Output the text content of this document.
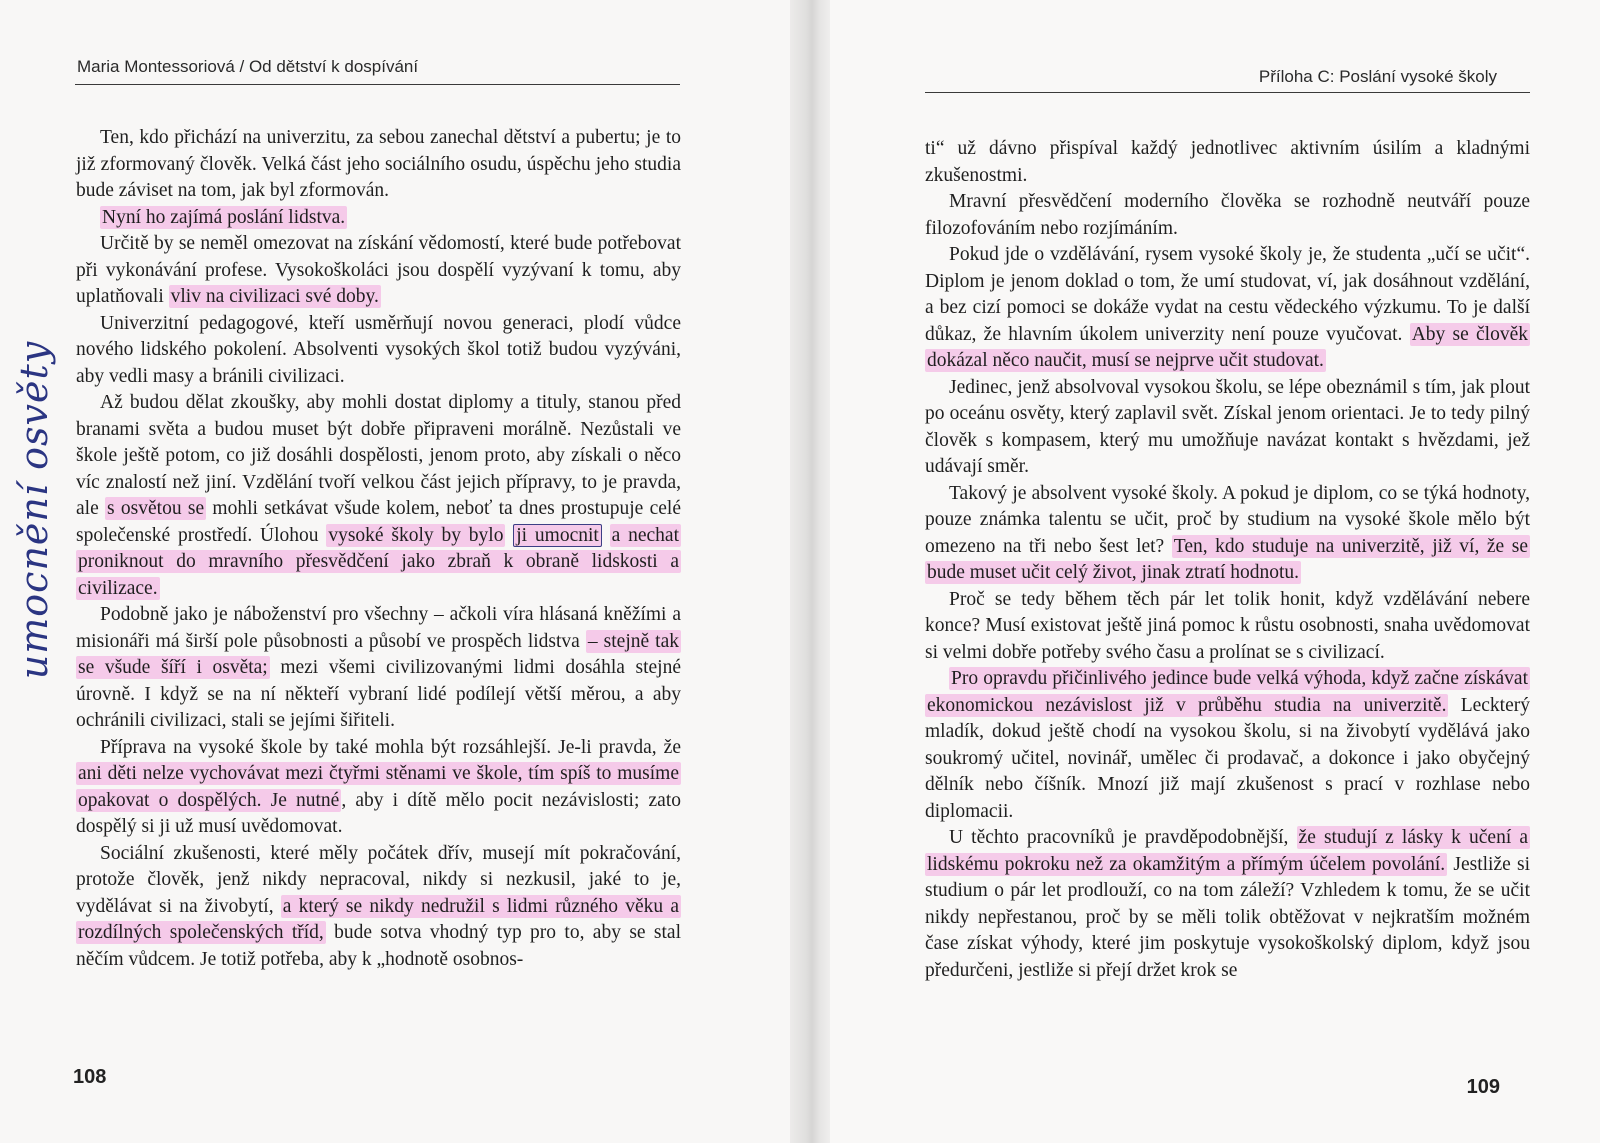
Maria Montessoriová / Od dětství k dospívání
umocnění osvěty

Ten, kdo přichází na univerzitu, za sebou zanechal dětství a pubertu; je to již zformovaný člověk. Velká část jeho sociálního osudu, úspěchu jeho studia bude záviset na tom, jak byl zformován.

Nyní ho zajímá poslání lidstva.

Určitě by se neměl omezovat na získání vědomostí, které bude potřebovat při vykonávání profese. Vysokoškoláci jsou dospělí vyzývaní k tomu, aby uplatňovali vliv na civilizaci své doby.

Univerzitní pedagogové, kteří usměrňují novou generaci, plodí vůdce nového lidského pokolení. Absolventi vysokých škol totiž budou vyzýváni, aby vedli masy a bránili civilizaci.

Až budou dělat zkoušky, aby mohli dostat diplomy a tituly, stanou před branami světa a budou muset být dobře připraveni morálně. Nezůstali ve škole ještě potom, co již dosáhli dospělosti, jenom proto, aby získali o něco víc znalostí než jiní. Vzdělání tvoří velkou část jejich přípravy, to je pravda, ale s osvětou se mohli setkávat všude kolem, neboť ta dnes prostupuje celé společenské prostředí. Úlohou vysoké školy by bylo ji umocnit a nechat proniknout do mravního přesvědčení jako zbraň k obraně lidskosti a civilizace.

Podobně jako je náboženství pro všechny – ačkoli víra hlásaná kněžími a misionáři má širší pole působnosti a působí ve prospěch lidstva – stejně tak se všude šíří i osvěta; mezi všemi civilizovanými lidmi dosáhla stejné úrovně. I když se na ní někteří vybraní lidé podílejí větší měrou, a aby ochránili civilizaci, stali se jejími šiřiteli.

Příprava na vysoké škole by také mohla být rozsáhlejší. Je-li pravda, že ani děti nelze vychovávat mezi čtyřmi stěnami ve škole, tím spíš to musíme opakovat o dospělých. Je nutné , aby i dítě mělo pocit nezávislosti; zato dospělý si ji už musí uvědomovat.

Sociální zkušenosti, které měly počátek dřív, musejí mít pokračování, protože člověk, jenž nikdy nepracoval, nikdy si nezkusil, jaké to je, vydělávat si na živobytí, a který se nikdy nedružil s lidmi různého věku a rozdílných společenských tříd, bude sotva vhodný typ pro to, aby se stal něčím vůdcem. Je totiž potřeba, aby k „hodnotě osobnos-

108
Příloha C: Poslání vysoké školy

ti“ už dávno přispíval každý jednotlivec aktivním úsilím a kladnými zkušenostmi.

Mravní přesvědčení moderního člověka se rozhodně neutváří pouze filozofováním nebo rozjímáním.

Pokud jde o vzdělávání, rysem vysoké školy je, že studenta „učí se učit“. Diplom je jenom doklad o tom, že umí studovat, ví, jak dosáhnout vzdělání, a bez cizí pomoci se dokáže vydat na cestu vědeckého výzkumu. To je další důkaz, že hlavním úkolem univerzity není pouze vyučovat. Aby se člověk dokázal něco naučit, musí se nejprve učit studovat.

Jedinec, jenž absolvoval vysokou školu, se lépe obeznámil s tím, jak plout po oceánu osvěty, který zaplavil svět. Získal jenom orientaci. Je to tedy pilný člověk s kompasem, který mu umožňuje navázat kontakt s hvězdami, jež udávají směr.

Takový je absolvent vysoké školy. A pokud je diplom, co se týká hodnoty, pouze známka talentu se učit, proč by studium na vysoké škole mělo být omezeno na tři nebo šest let? Ten, kdo studuje na univerzitě, již ví, že se bude muset učit celý život, jinak ztratí hodnotu.

Proč se tedy během těch pár let tolik honit, když vzdělávání nebere konce? Musí existovat ještě jiná pomoc k růstu osobnosti, snaha uvědomovat si velmi dobře potřeby svého času a prolínat se s civilizací.

Pro opravdu přičinlivého jedince bude velká výhoda, když začne získávat ekonomickou nezávislost již v průběhu studia na univerzitě. Leckterý mladík, dokud ještě chodí na vysokou školu, si na živobytí vydělává jako soukromý učitel, novinář, umělec či prodavač, a dokonce i jako obyčejný dělník nebo číšník. Mnozí již mají zkušenost s prací v rozhlase nebo diplomacii.

U těchto pracovníků je pravděpodobnější, že studují z lásky k učení a lidskému pokroku než za okamžitým a přímým účelem povolání. Jestliže si studium o pár let prodlouží, co na tom záleží? Vzhledem k tomu, že se učit nikdy nepřestanou, proč by se měli tolik obtěžovat v nejkratším možném čase získat výhody, které jim poskytuje vysokoškolský diplom, když jsou předurčeni, jestliže si přejí držet krok se

109
